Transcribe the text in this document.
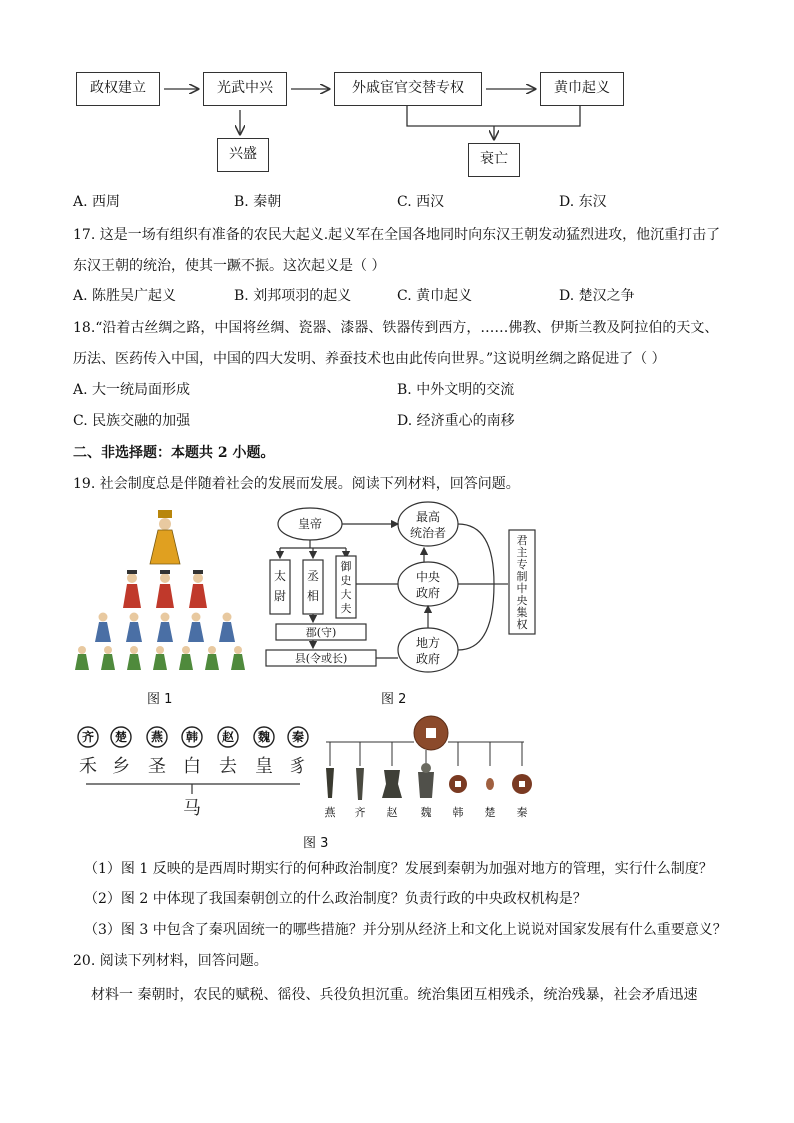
政权建立	光武中兴	外戚宦官交替专权	黄巾起义
兴盛	衰亡
A. 西周	B. 秦朝	C. 西汉	D. 东汉
17. 这是一场有组织有准备的农民大起义.起义军在全国各地同时向东汉王朝发动猛烈进攻，他沉重打击了
东汉王朝的统治，使其一蹶不振。这次起义是（ ）
A. 陈胜吴广起义	B. 刘邦项羽的起义	C. 黄巾起义	D. 楚汉之争
18.“沿着古丝绸之路，中国将丝绸、瓷器、漆器、铁器传到西方，……佛教、伊斯兰教及阿拉伯的天文、
历法、医药传入中国，中国的四大发明、养蚕技术也由此传向世界。”这说明丝绸之路促进了（ ）
A. 大一统局面形成	B. 中外文明的交流
C. 民族交融的加强	D. 经济重心的南移
二、非选择题：本题共 2 小题。
19. 社会制度总是伴随着社会的发展而发展。阅读下列材料，回答问题。
图 1
皇帝	最高
统治者
太
尉
丞
相
御
史
大
夫
中央
政府
郡(守)
县(令或长)
地方
政府
君
主
专
制
中
央
集
权
图 2
齐 楚 燕 韩 赵 魏 秦
禾 乡 圣 白 去 皇 豸
马	燕 齐 赵 魏 韩 楚 秦
图 3
（1）图 1 反映的是西周时期实行的何种政治制度？发展到秦朝为加强对地方的管理，实行什么制度？
（2）图 2 中体现了我国秦朝创立的什么政治制度？负责行政的中央政权机构是？
（3）图 3 中包含了秦巩固统一的哪些措施？并分别从经济上和文化上说说对国家发展有什么重要意义？
20. 阅读下列材料，回答问题。
材料一 秦朝时，农民的赋税、徭役、兵役负担沉重。统治集团互相残杀，统治残暴，社会矛盾迅速
